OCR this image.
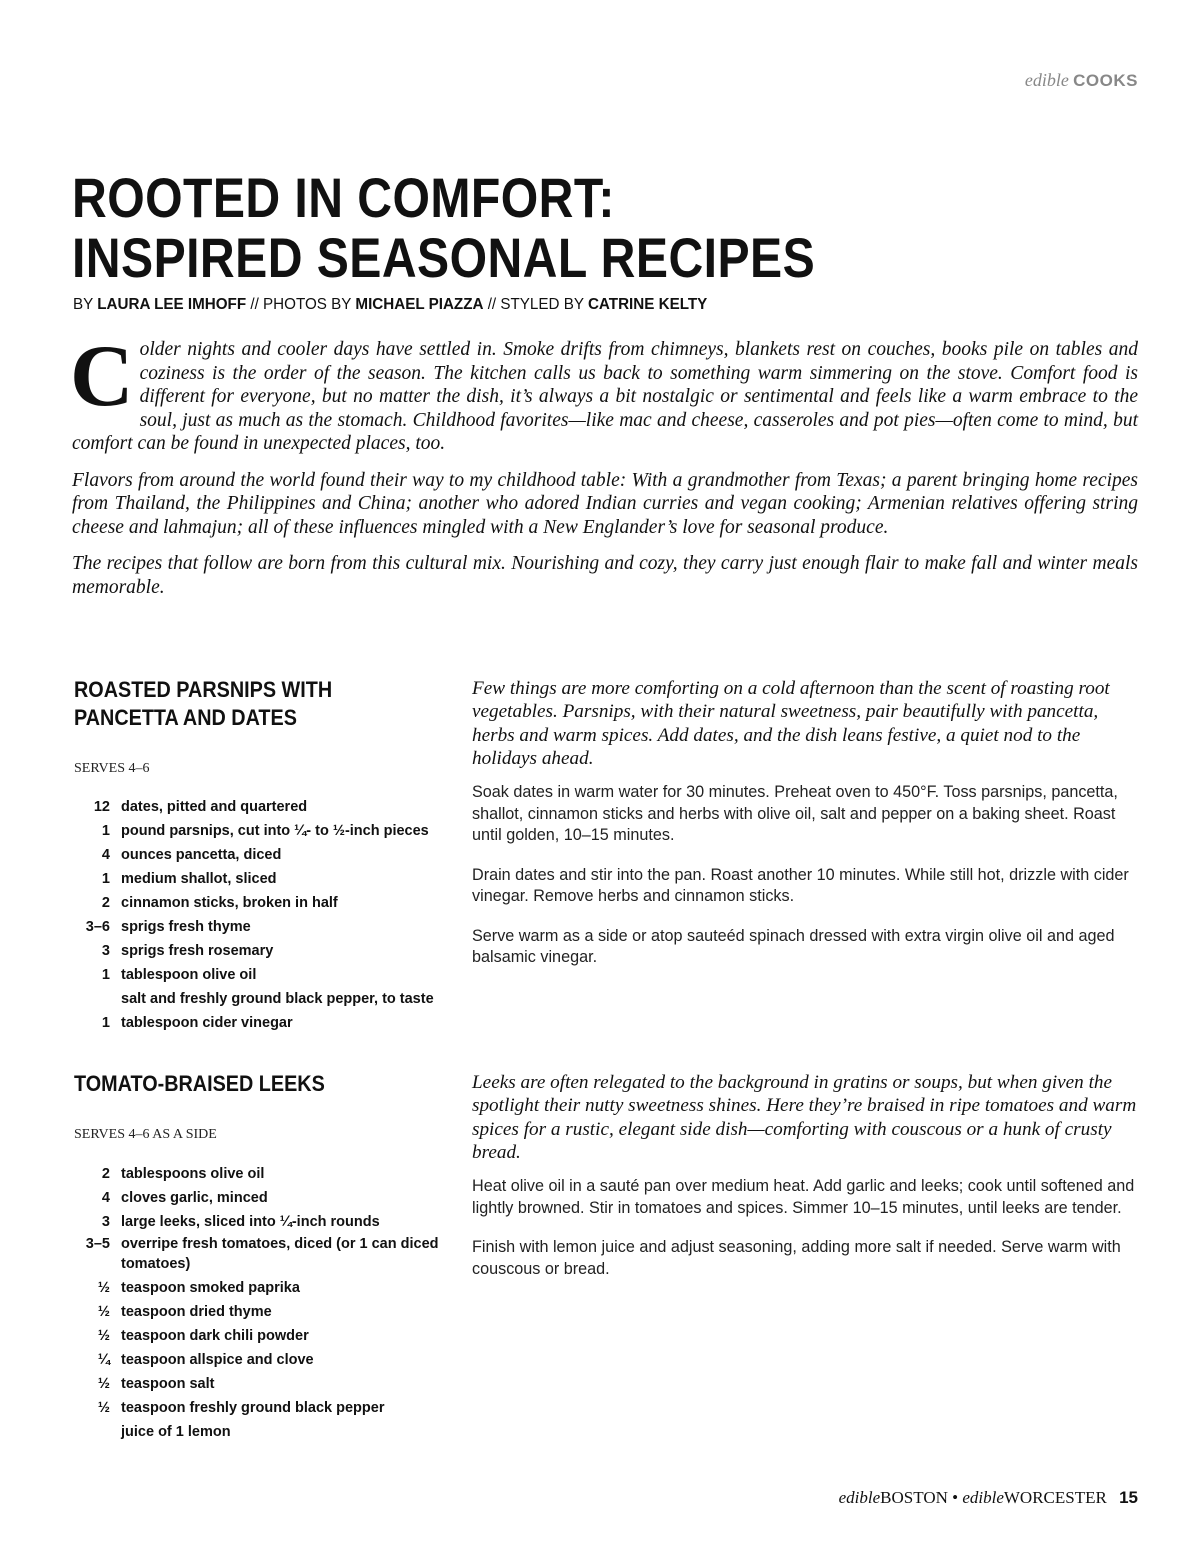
edible COOKS
ROOTED IN COMFORT:
INSPIRED SEASONAL RECIPES
BY LAURA LEE IMHOFF // PHOTOS BY MICHAEL PIAZZA // STYLED BY CATRINE KELTY

Colder nights and cooler days have settled in. Smoke drifts from chimneys, blankets rest on couches, books pile on tables and coziness is the order of the season. The kitchen calls us back to something warm simmering on the stove. Comfort food is different for everyone, but no matter the dish, it’s always a bit nostalgic or sentimental and feels like a warm embrace to the soul, just as much as the stomach. Childhood favorites—like mac and cheese, casseroles and pot pies—often come to mind, but comfort can be found in unexpected places, too.

Flavors from around the world found their way to my childhood table: With a grandmother from Texas; a parent bringing home recipes from Thailand, the Philippines and China; another who adored Indian curries and vegan cooking; Armenian relatives offering string cheese and lahmajun; all of these influences mingled with a New Englander’s love for seasonal produce.

The recipes that follow are born from this cultural mix. Nourishing and cozy, they carry just enough flair to make fall and winter meals memorable.

ROASTED PARSNIPS WITH
PANCETTA AND DATES
SERVES 4–6
12 dates, pitted and quartered
1 pound parsnips, cut into ¼- to ½-inch pieces
4 ounces pancetta, diced
1 medium shallot, sliced
2 cinnamon sticks, broken in half
3–6 sprigs fresh thyme
3 sprigs fresh rosemary
1 tablespoon olive oil
salt and freshly ground black pepper, to taste
1 tablespoon cider vinegar

Few things are more comforting on a cold afternoon than the scent of roasting root vegetables. Parsnips, with their natural sweetness, pair beautifully with pancetta, herbs and warm spices. Add dates, and the dish leans festive, a quiet nod to the holidays ahead.

Soak dates in warm water for 30 minutes. Preheat oven to 450°F. Toss parsnips, pancetta, shallot, cinnamon sticks and herbs with olive oil, salt and pepper on a baking sheet. Roast until golden, 10–15 minutes.

Drain dates and stir into the pan. Roast another 10 minutes. While still hot, drizzle with cider vinegar. Remove herbs and cinnamon sticks.

Serve warm as a side or atop sauteéd spinach dressed with extra virgin olive oil and aged balsamic vinegar.

TOMATO-BRAISED LEEKS
SERVES 4–6 AS A SIDE
2 tablespoons olive oil
4 cloves garlic, minced
3 large leeks, sliced into ¼-inch rounds
3–5 overripe fresh tomatoes, diced (or 1 can diced tomatoes)
½ teaspoon smoked paprika
½ teaspoon dried thyme
½ teaspoon dark chili powder
¼ teaspoon allspice and clove
½ teaspoon salt
½ teaspoon freshly ground black pepper
juice of 1 lemon

Leeks are often relegated to the background in gratins or soups, but when given the spotlight their nutty sweetness shines. Here they’re braised in ripe tomatoes and warm spices for a rustic, elegant side dish—comforting with couscous or a hunk of crusty bread.

Heat olive oil in a sauté pan over medium heat. Add garlic and leeks; cook until softened and lightly browned. Stir in tomatoes and spices. Simmer 10–15 minutes, until leeks are tender.

Finish with lemon juice and adjust seasoning, adding more salt if needed. Serve warm with couscous or bread.

edibleBOSTON • edibleWORCESTER 15
